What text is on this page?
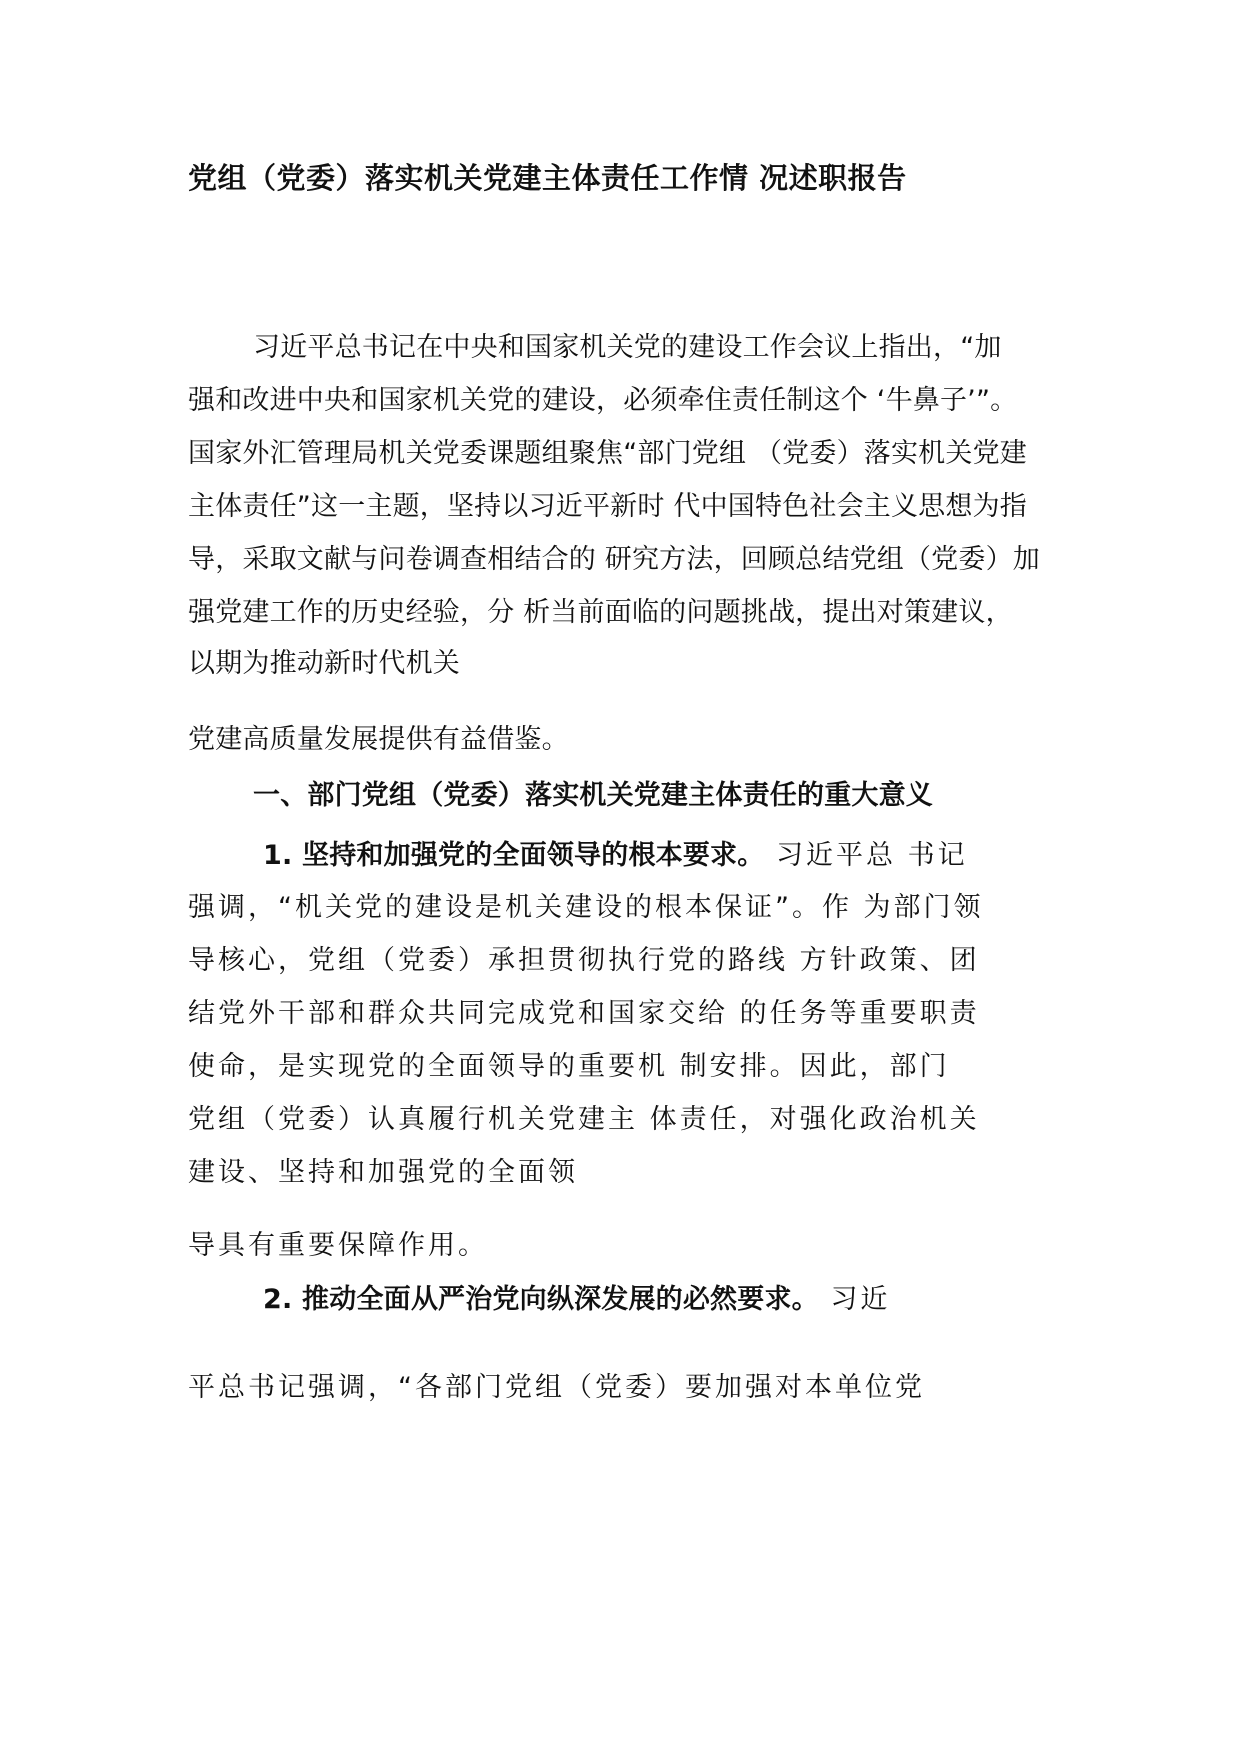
党组（党委）落实机关党建主体责任工作情 况述职报告

习近平总书记在中央和国家机关党的建设工作会议上指出，“加

强和改进中央和国家机关党的建设，必须牵住责任制这个 ‘牛鼻子’”。

国家外汇管理局机关党委课题组聚焦“部门党组 （党委）落实机关党建

主体责任”这一主题，坚持以习近平新时 代中国特色社会主义思想为指

导，采取文献与问卷调查相结合的 研究方法，回顾总结党组（党委）加

强党建工作的历史经验，分 析当前面临的问题挑战，提出对策建议，

以期为推动新时代机关

党建高质量发展提供有益借鉴。

一、部门党组（党委）落实机关党建主体责任的重大意义

1. 坚持和加强党的全面领导的根本要求。 习近平总 书记

强调，“机关党的建设是机关建设的根本保证”。作 为部门领

导核心，党组（党委）承担贯彻执行党的路线 方针政策、团

结党外干部和群众共同完成党和国家交给 的任务等重要职责

使命，是实现党的全面领导的重要机 制安排。因此，部门

党组（党委）认真履行机关党建主 体责任，对强化政治机关

建设、坚持和加强党的全面领

导具有重要保障作用。

2. 推动全面从严治党向纵深发展的必然要求。 习近

平总书记强调，“各部门党组（党委）要加强对本单位党
